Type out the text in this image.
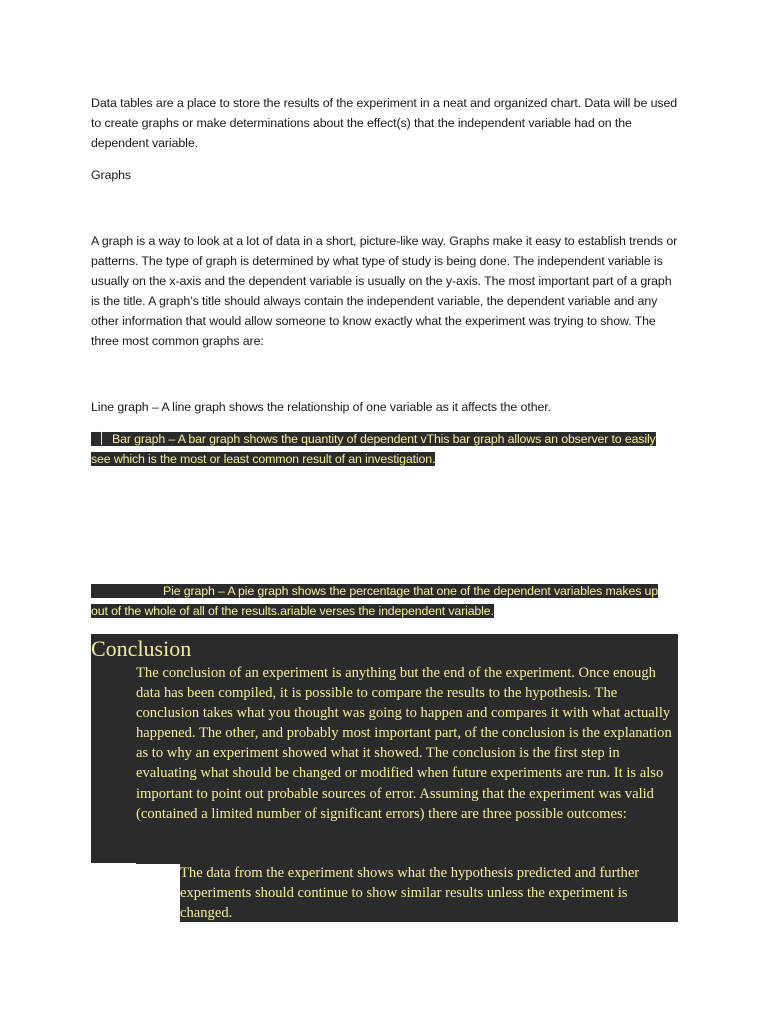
Data tables are a place to store the results of the experiment in a neat and organized chart. Data will be used to create graphs or make determinations about the effect(s) that the independent variable had on the dependent variable.

Graphs

A graph is a way to look at a lot of data in a short, picture-like way. Graphs make it easy to establish trends or patterns. The type of graph is determined by what type of study is being done. The independent variable is usually on the x-axis and the dependent variable is usually on the y-axis. The most important part of a graph is the title. A graph’s title should always contain the independent variable, the dependent variable and any other information that would allow someone to know exactly what the experiment was trying to show. The three most common graphs are:

Line graph – A line graph shows the relationship of one variable as it affects the other.

Bar graph – A bar graph shows the quantity of dependent vThis bar graph allows an observer to easily see which is the most or least common result of an investigation.

Pie graph – A pie graph shows the percentage that one of the dependent variables makes up out of the whole of all of the results.ariable verses the independent variable.

Conclusion
The conclusion of an experiment is anything but the end of the experiment. Once enough data has been compiled, it is possible to compare the results to the hypothesis. The conclusion takes what you thought was going to happen and compares it with what actually happened. The other, and probably most important part, of the conclusion is the explanation as to why an experiment showed what it showed. The conclusion is the first step in evaluating what should be changed or modified when future experiments are run. It is also important to point out probable sources of error. Assuming that the experiment was valid (contained a limited number of significant errors) there are three possible outcomes:
The data from the experiment shows what the hypothesis predicted and further experiments should continue to show similar results unless the experiment is changed.
